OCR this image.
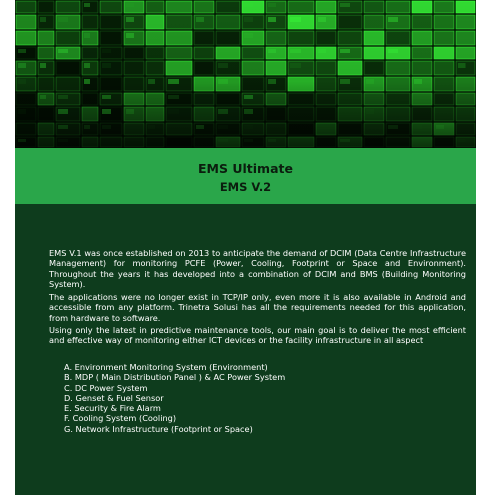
EMS Ultimate
EMS V.2

EMS V.1 was once established on 2013 to anticipate the demand of DCIM (Data Centre Infrastructure Management) for monitoring PCFE (Power, Cooling, Footprint or Space and Environment). Throughout the years it has developed into a combination of DCIM and BMS (Building Monitoring System).

The applications were no longer exist in TCP/IP only, even more it is also available in Android and accessible from any platform. Trinetra Solusi has all the requirements needed for this application, from hardware to software.

Using only the latest in predictive maintenance tools, our main goal is to deliver the most efficient and effective way of monitoring either ICT devices or the facility infrastructure in all aspect

A. Environment Monitoring System (Environment)
B. MDP ( Main Distribution Panel ) & AC Power System
C. DC Power System
D. Genset & Fuel Sensor
E. Security & Fire Alarm
F. Cooling System (Cooling)
G. Network Infrastructure (Footprint or Space)
